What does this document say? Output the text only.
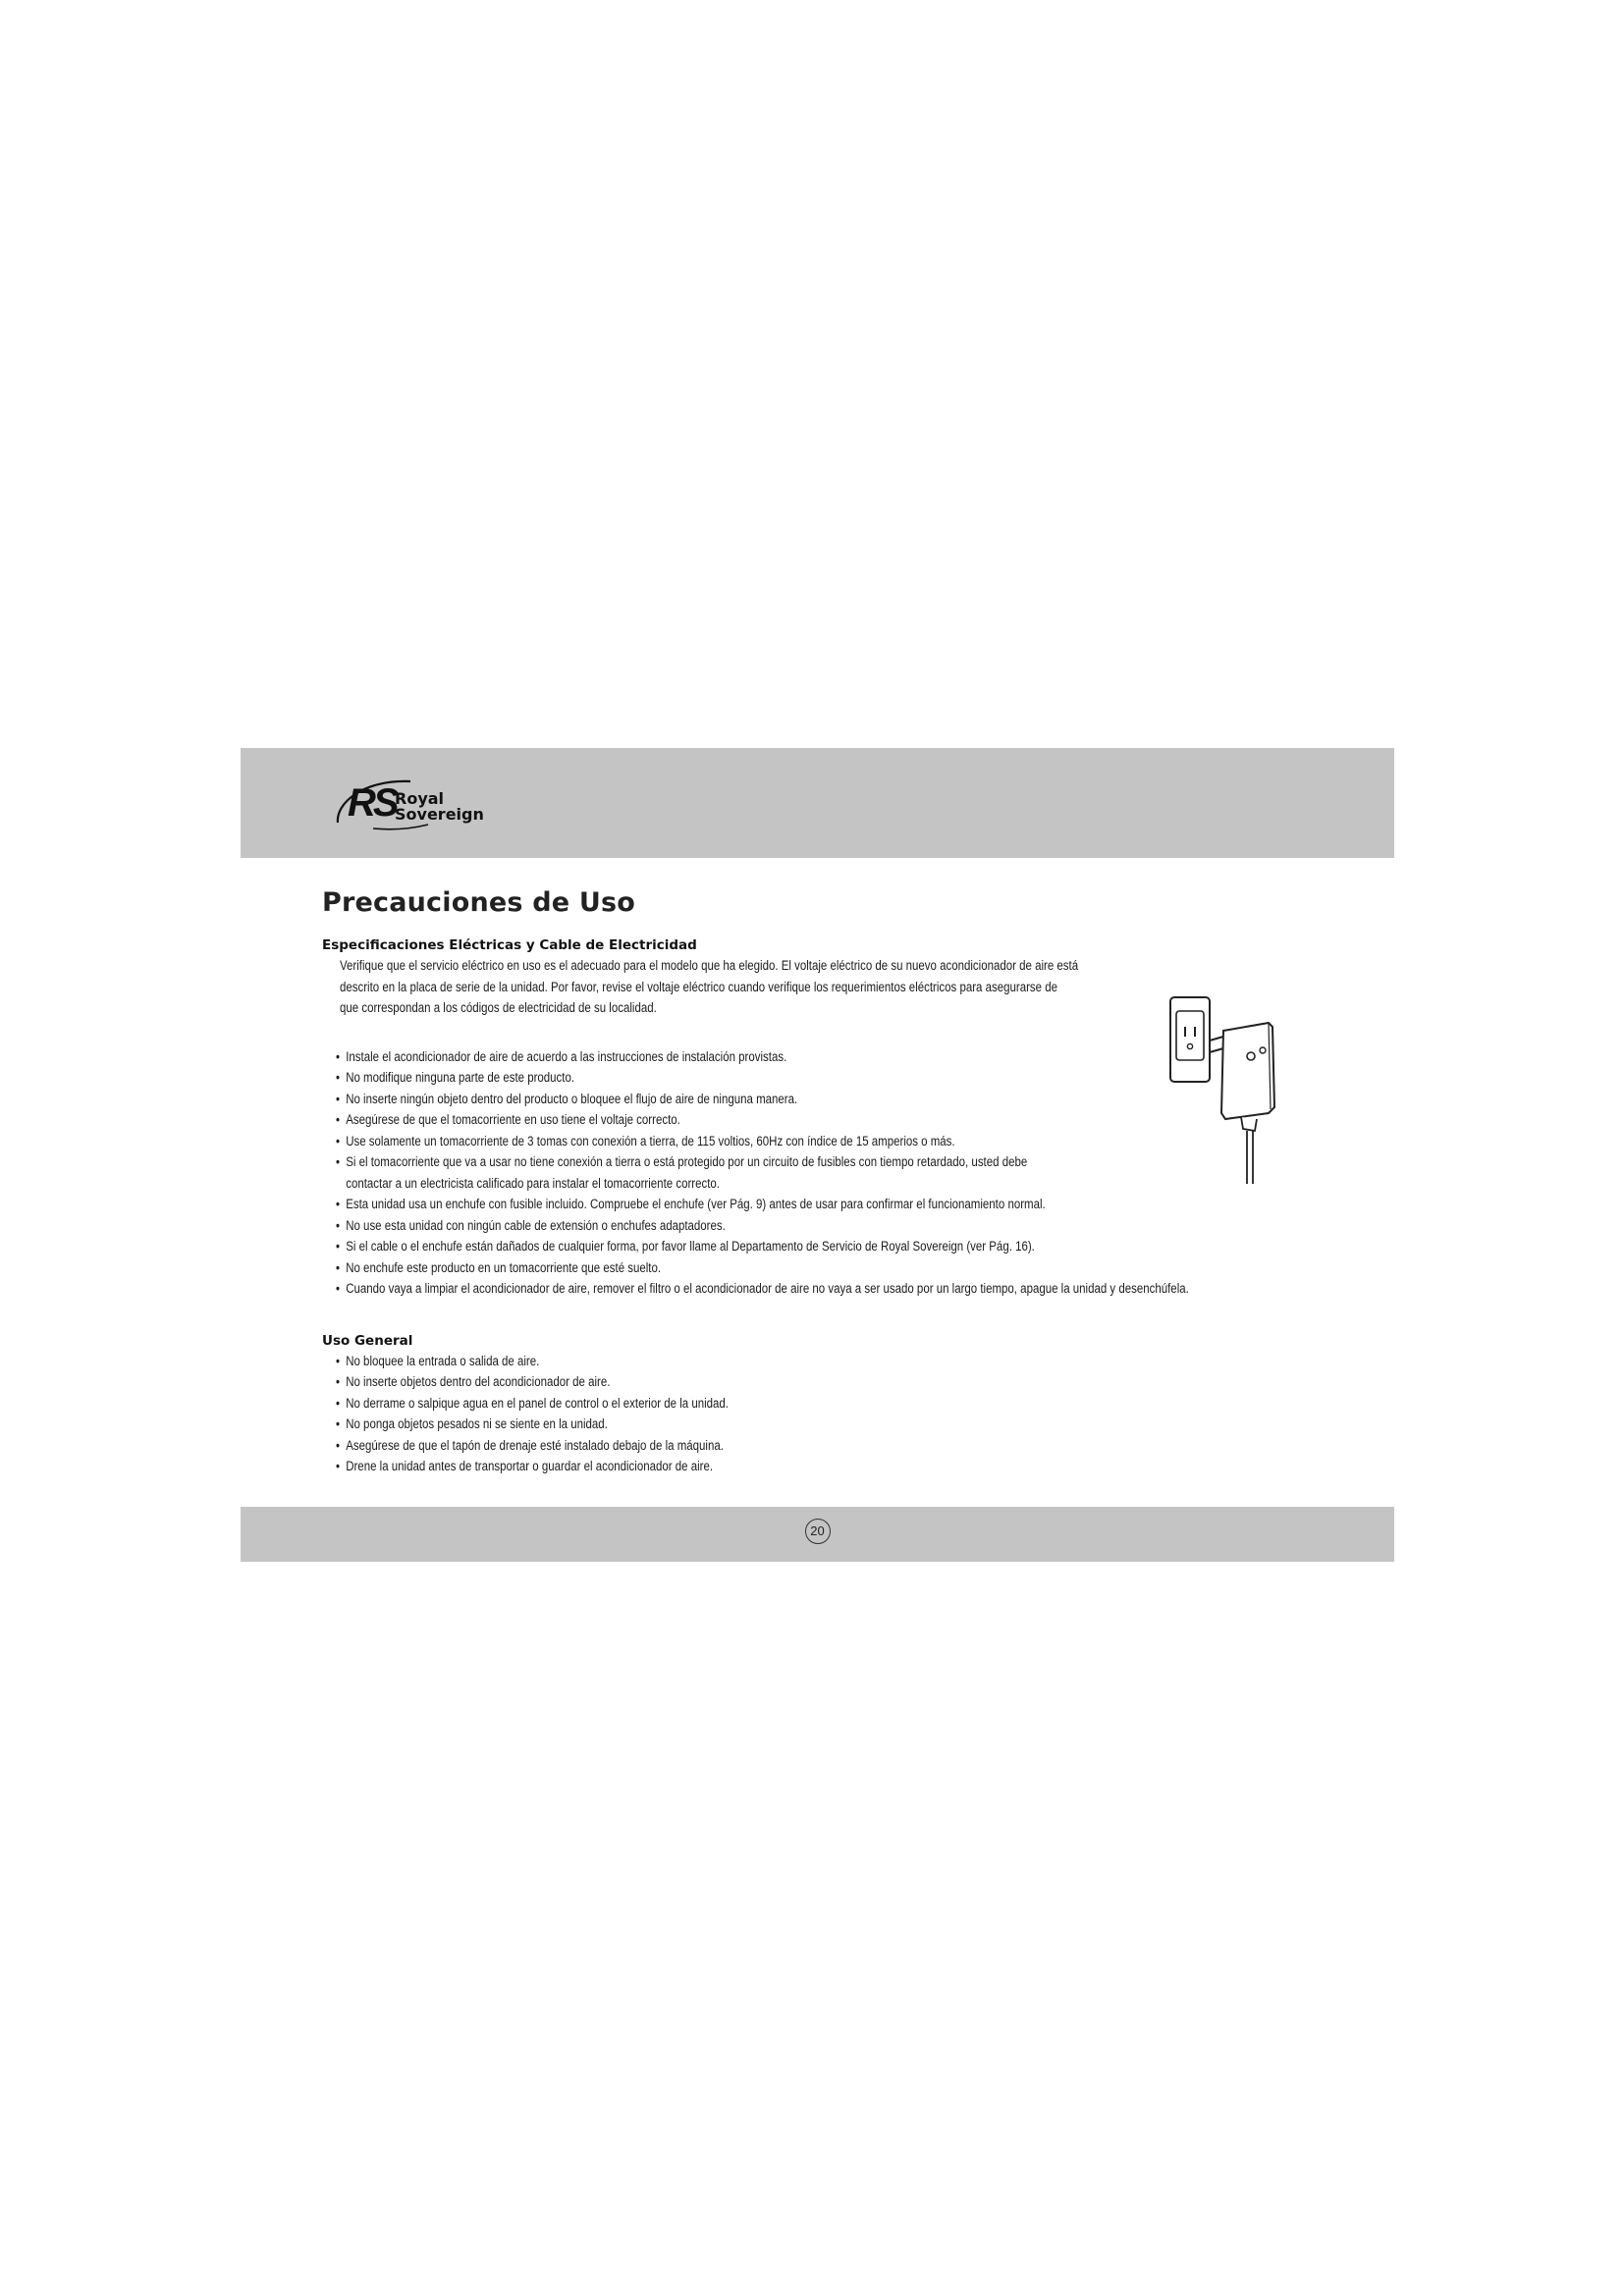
RS
Royal
Sovereign
Precauciones de Uso
Especificaciones Eléctricas y Cable de Electricidad
Verifique que el servicio eléctrico en uso es el adecuado para el modelo que ha elegido. El voltaje eléctrico de su nuevo acondicionador de aire está
descrito en la placa de serie de la unidad. Por favor, revise el voltaje eléctrico cuando verifique los requerimientos eléctricos para asegurarse de
que correspondan a los códigos de electricidad de su localidad.
• Instale el acondicionador de aire de acuerdo a las instrucciones de instalación provistas.
• No modifique ninguna parte de este producto.
• No inserte ningún objeto dentro del producto o bloquee el flujo de aire de ninguna manera.
• Asegúrese de que el tomacorriente en uso tiene el voltaje correcto.
• Use solamente un tomacorriente de 3 tomas con conexión a tierra, de 115 voltios, 60Hz con índice de 15 amperios o más.
• Si el tomacorriente que va a usar no tiene conexión a tierra o está protegido por un circuito de fusibles con tiempo retardado, usted debe
contactar a un electricista calificado para instalar el tomacorriente correcto.
• Esta unidad usa un enchufe con fusible incluido. Compruebe el enchufe (ver Pág. 9) antes de usar para confirmar el funcionamiento normal.
• No use esta unidad con ningún cable de extensión o enchufes adaptadores.
• Si el cable o el enchufe están dañados de cualquier forma, por favor llame al Departamento de Servicio de Royal Sovereign (ver Pág. 16).
• No enchufe este producto en un tomacorriente que esté suelto.
• Cuando vaya a limpiar el acondicionador de aire, remover el filtro o el acondicionador de aire no vaya a ser usado por un largo tiempo, apague la unidad y desenchúfela.
Uso General
• No bloquee la entrada o salida de aire.
• No inserte objetos dentro del acondicionador de aire.
• No derrame o salpique agua en el panel de control o el exterior de la unidad.
• No ponga objetos pesados ni se siente en la unidad.
• Asegúrese de que el tapón de drenaje esté instalado debajo de la máquina.
• Drene la unidad antes de transportar o guardar el acondicionador de aire.
20
